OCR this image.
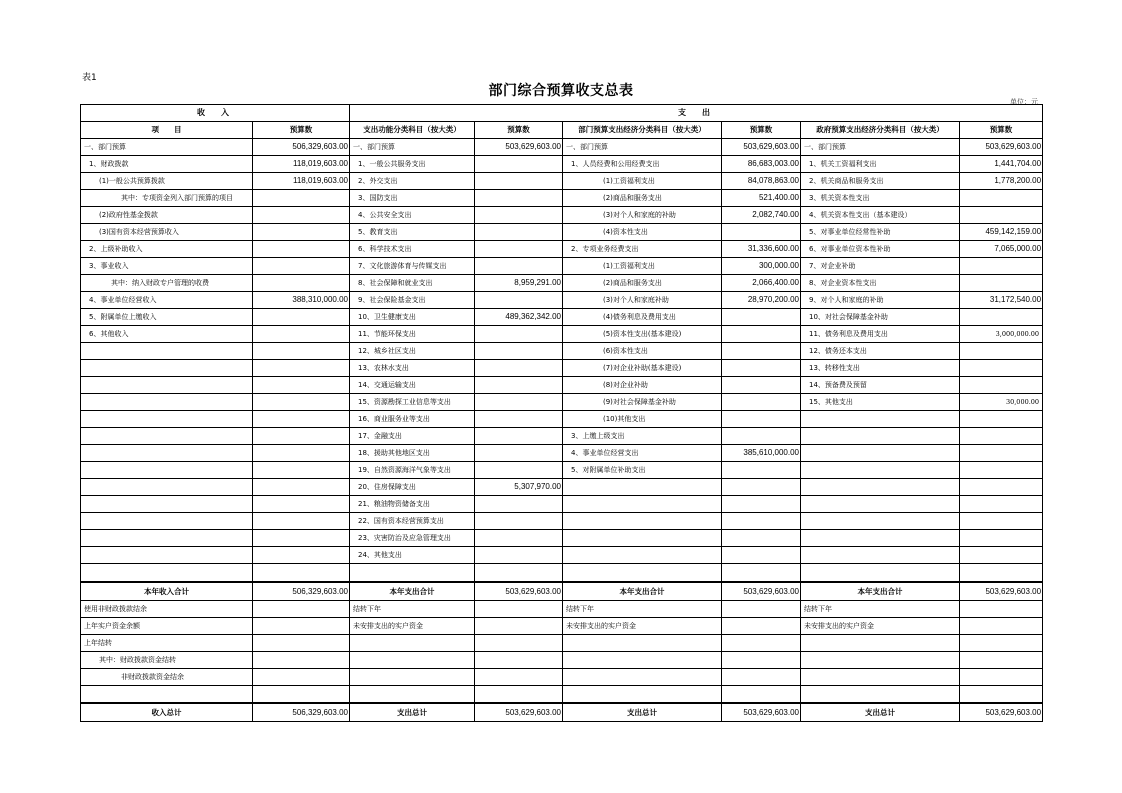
表1
部门综合预算收支总表
单位：元
收　入		支　出					
项　　目	预算数	支出功能分类科目（按大类）	预算数	部门预算支出经济分类科目（按大类）	预算数	政府预算支出经济分类科目（按大类）	预算数
一、部门预算	506,329,603.00	一、部门预算	503,629,603.00	一、部门预算	503,629,603.00	一、部门预算	503,629,603.00
1、财政拨款	118,019,603.00	1、一般公共服务支出		1、人员经费和公用经费支出	86,683,003.00	1、机关工资福利支出	1,441,704.00
(1)一般公共预算拨款	118,019,603.00	2、外交支出		(1)工资福利支出	84,078,863.00	2、机关商品和服务支出	1,778,200.00
其中：专项资金列入部门预算的项目		3、国防支出		(2)商品和服务支出	521,400.00	3、机关资本性支出	
(2)政府性基金拨款		4、公共安全支出		(3)对个人和家庭的补助	2,082,740.00	4、机关资本性支出（基本建设）	
(3)国有资本经营预算收入		5、教育支出		(4)资本性支出		5、对事业单位经常性补助	459,142,159.00
2、上级补助收入		6、科学技术支出		2、专项业务经费支出	31,336,600.00	6、对事业单位资本性补助	7,065,000.00
3、事业收入		7、文化旅游体育与传媒支出		(1)工资福利支出	300,000.00	7、对企业补助	
其中：纳入财政专户管理的收费		8、社会保障和就业支出	8,959,291.00	(2)商品和服务支出	2,066,400.00	8、对企业资本性支出	
4、事业单位经营收入	388,310,000.00	9、社会保险基金支出		(3)对个人和家庭补助	28,970,200.00	9、对个人和家庭的补助	31,172,540.00
5、附属单位上缴收入		10、卫生健康支出	489,362,342.00	(4)债务利息及费用支出		10、对社会保障基金补助	
6、其他收入		11、节能环保支出		(5)资本性支出(基本建设)		11、债务利息及费用支出	3,000,000.00
		12、城乡社区支出		(6)资本性支出		12、债务还本支出	
		13、农林水支出		(7)对企业补助(基本建设)		13、转移性支出	
		14、交通运输支出		(8)对企业补助		14、预备费及预留	
		15、资源勘探工业信息等支出		(9)对社会保障基金补助		15、其他支出	30,000.00
		16、商业服务业等支出		(10)其他支出			
		17、金融支出		3、上缴上级支出			
		18、援助其他地区支出		4、事业单位经营支出	385,610,000.00		
		19、自然资源海洋气象等支出		5、对附属单位补助支出			
		20、住房保障支出	5,307,970.00				
		21、粮油物资储备支出					
		22、国有资本经营预算支出					
		23、灾害防治及应急管理支出					
		24、其他支出					

本年收入合计	506,329,603.00	本年支出合计	503,629,603.00	本年支出合计	503,629,603.00	本年支出合计	503,629,603.00
使用非财政拨款结余		结转下年		结转下年		结转下年	
上年实户资金余额		未安排支出的实户资金		未安排支出的实户资金		未安排支出的实户资金	
上年结转							
其中：财政拨款资金结转							
非财政拨款资金结余							

收入总计	506,329,603.00	支出总计	503,629,603.00	支出总计	503,629,603.00	支出总计	503,629,603.00
